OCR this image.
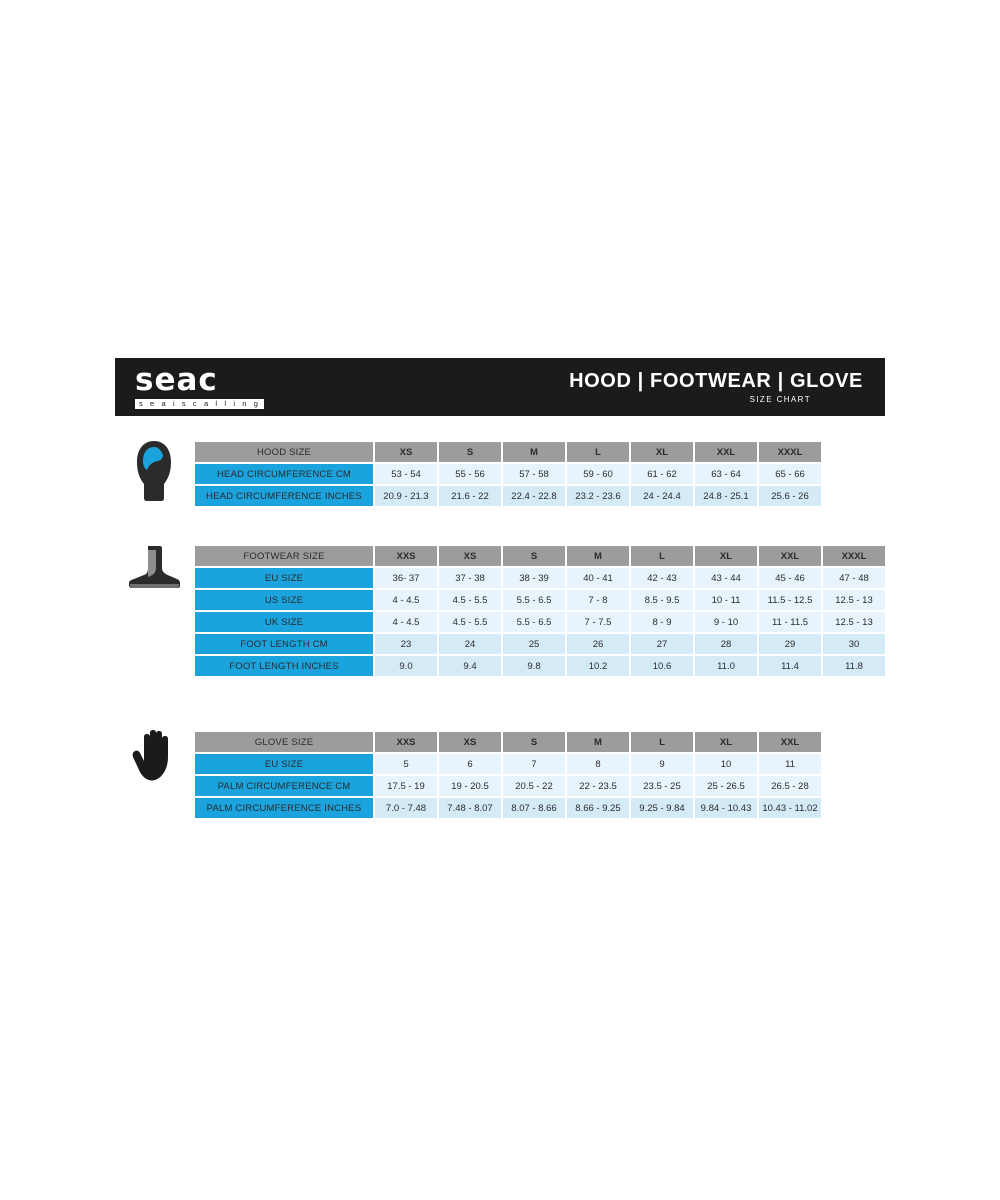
seac
s e a i s c a l l i n g
HOOD | FOOTWEAR | GLOVE
SIZE CHART
HOOD SIZE	XS	S	M	L	XL	XXL	XXXL
HEAD CIRCUMFERENCE CM	53 - 54	55 - 56	57 - 58	59 - 60	61 - 62	63 - 64	65 - 66
HEAD CIRCUMFERENCE INCHES	20.9 - 21.3	21.6 - 22	22.4 - 22.8	23.2 - 23.6	24 - 24.4	24.8 - 25.1	25.6 - 26
FOOTWEAR SIZE	XXS	XS	S	M	L	XL	XXL	XXXL
EU SIZE	36- 37	37 - 38	38 - 39	40 - 41	42 - 43	43 - 44	45 - 46	47 - 48
US SIZE	4 - 4.5	4.5 - 5.5	5.5 - 6.5	7 - 8	8.5 - 9.5	10 - 11	11.5 - 12.5	12.5 - 13
UK SIZE	4 - 4.5	4.5 - 5.5	5.5 - 6.5	7 - 7.5	8 - 9	9 - 10	11 - 11.5	12.5 - 13
FOOT LENGTH CM	23	24	25	26	27	28	29	30
FOOT LENGTH INCHES	9.0	9.4	9.8	10.2	10.6	11.0	11.4	11.8
GLOVE SIZE	XXS	XS	S	M	L	XL	XXL
EU SIZE	5	6	7	8	9	10	11
PALM CIRCUMFERENCE CM	17.5 - 19	19 - 20.5	20.5 - 22	22 - 23.5	23.5 - 25	25 - 26.5	26.5 - 28
PALM CIRCUMFERENCE INCHES	7.0 - 7.48	7.48 - 8.07	8.07 - 8.66	8.66 - 9.25	9.25 - 9.84	9.84 - 10.43	10.43 - 11.02
